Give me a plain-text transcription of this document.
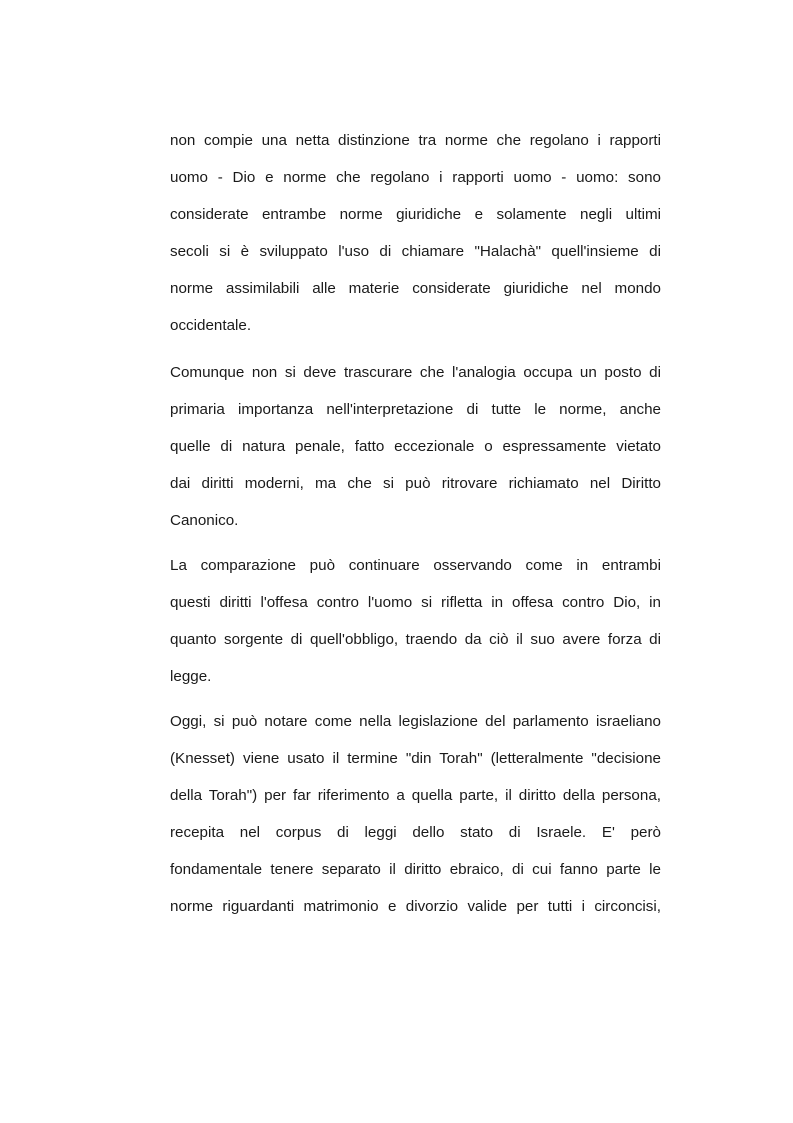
non compie una netta distinzione tra norme che regolano i rapporti
uomo - Dio e norme che regolano i rapporti uomo - uomo: sono
considerate entrambe norme giuridiche e solamente negli ultimi
secoli si è sviluppato l'uso di chiamare "Halachà" quell'insieme di
norme assimilabili alle materie considerate giuridiche nel mondo
occidentale.
Comunque non si deve trascurare che l'analogia occupa un posto di
primaria importanza nell'interpretazione di tutte le norme, anche
quelle di natura penale, fatto eccezionale o espressamente vietato
dai diritti moderni, ma che si può ritrovare richiamato nel Diritto
Canonico.
La comparazione può continuare osservando come in entrambi
questi diritti l'offesa contro l'uomo si rifletta in offesa contro Dio, in
quanto sorgente di quell'obbligo, traendo da ciò il suo avere forza di
legge.
Oggi, si può notare come nella legislazione del parlamento israeliano
(Knesset) viene usato il termine "din Torah" (letteralmente "decisione
della Torah") per far riferimento a quella parte, il diritto della persona,
recepita nel corpus di leggi dello stato di Israele. E' però
fondamentale tenere separato il diritto ebraico, di cui fanno parte le
norme riguardanti matrimonio e divorzio valide per tutti i circoncisi,
